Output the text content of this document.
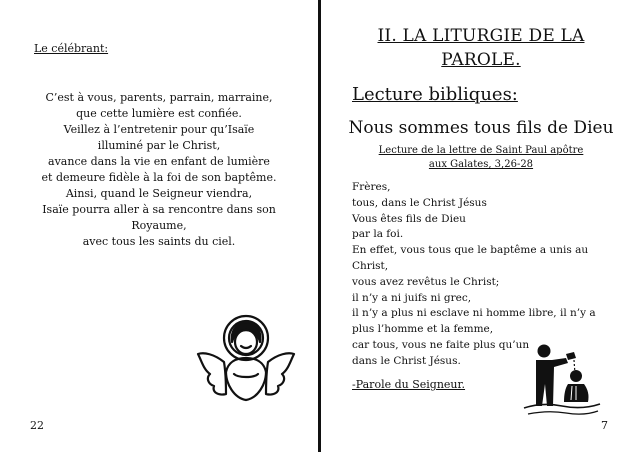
Le célébrant:
C’est à vous, parents, parrain, marraine,
que cette lumière est confiée.
Veillez à l’entretenir pour qu’Isaïe
illuminé par le Christ,
avance dans la vie en enfant de lumière
et demeure fidèle à la foi de son baptême.
Ainsi, quand le Seigneur viendra,
Isaïe pourra aller à sa rencontre dans son
Royaume,
avec tous les saints du ciel.
22
II. LA LITURGIE DE LA
PAROLE.
Lecture bibliques:
Nous sommes tous fils de Dieu
Lecture de la lettre de Saint Paul apôtre
aux Galates, 3,26-28
Frères,
tous, dans le Christ Jésus
Vous êtes fils de Dieu
par la foi.
En effet, vous tous que le baptême a unis au
Christ,
vous avez revêtus le Christ;
il n’y a ni juifs ni grec,
il n’y a plus ni esclave ni homme libre, il n’y a
plus l’homme et la femme,
car tous, vous ne faite plus qu’un
dans le Christ Jésus.
-Parole du Seigneur.
7
